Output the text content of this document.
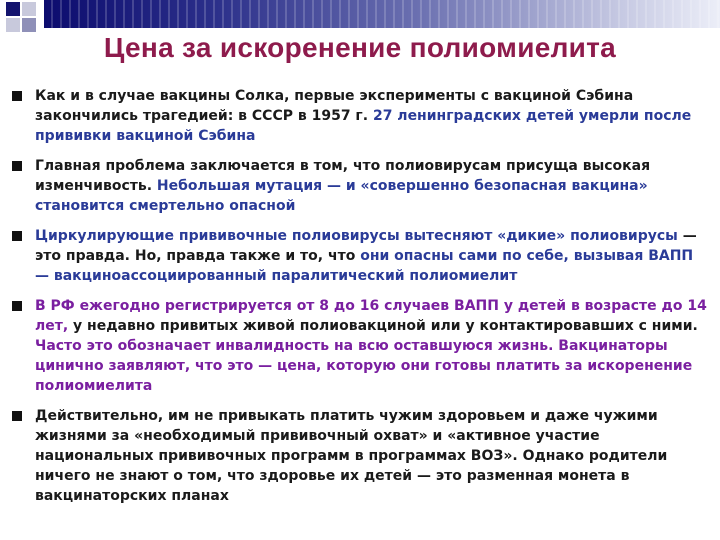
Цена за искоренение полиомиелита
Как и в случае вакцины Солка, первые эксперименты с вакциной Сэбина закончились трагедией: в СССР в 1957 г. 27 ленинградских детей умерли после прививки вакциной Сэбина
Главная проблема заключается в том, что полиовирусам присуща высокая изменчивость. Небольшая мутация — и «совершенно безопасная вакцина» становится смертельно опасной
Циркулирующие прививочные полиовирусы вытесняют «дикие» полиовирусы — это правда. Но, правда также и то, что они опасны сами по себе, вызывая ВАПП — вакциноассоциированный паралитический полиомиелит
В РФ ежегодно регистрируется от 8 до 16 случаев ВАПП у детей в возрасте до 14 лет, у недавно привитых живой полиовакциной или у контактировавших с ними. Часто это обозначает инвалидность на всю оставшуюся жизнь. Вакцинаторы цинично заявляют, что это — цена, которую они готовы платить за искоренение полиомиелита
Действительно, им не привыкать платить чужим здоровьем и даже чужими жизнями за «необходимый прививочный охват» и «активное участие национальных прививочных программ в программах ВОЗ». Однако родители ничего не знают о том, что здоровье их детей — это разменная монета в вакцинаторских планах
